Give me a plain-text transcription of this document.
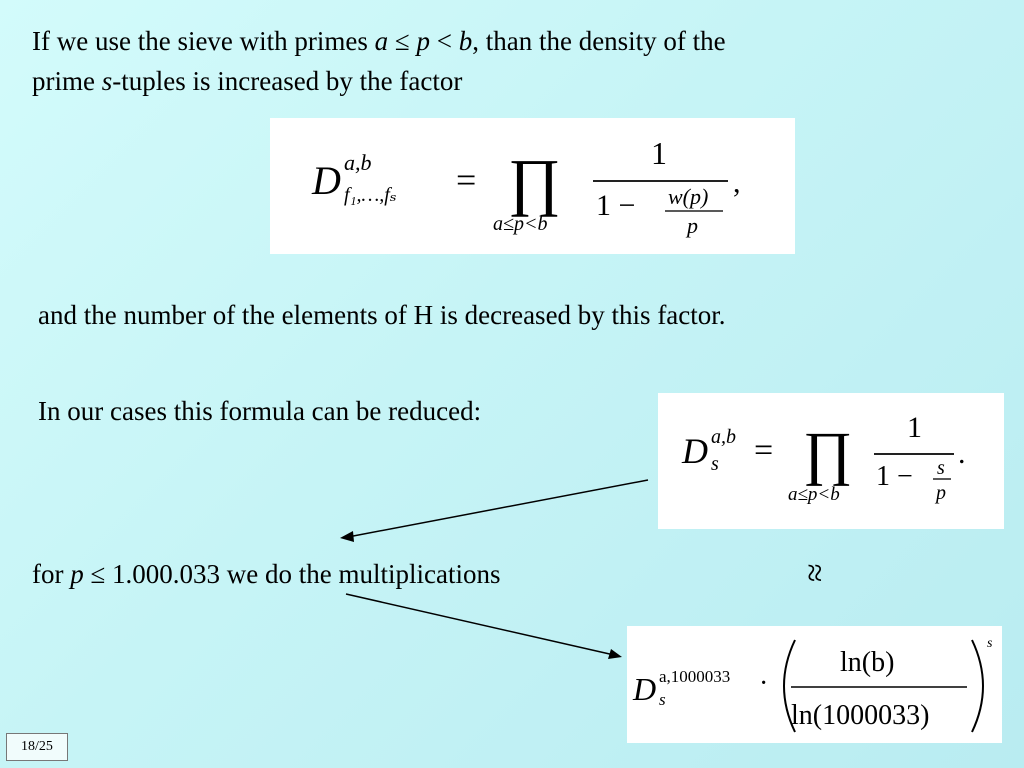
If we use the sieve with primes a ≤ p < b, than the density of the
prime s-tuples is increased by the factor
D a,b
f₁,…,fₛ = ∏
a≤p<b
1
1 − w(p)
p
,
and the number of the elements of H is decreased by this factor.
In our cases this formula can be reduced:
D a,b
s = ∏
a≤p<b
1
1 − s
p
.
for p ≤ 1.000.033 we do the multiplications	≈
D a,1000033
s
·
ln(b)
ln(1000033)
s
18/25
